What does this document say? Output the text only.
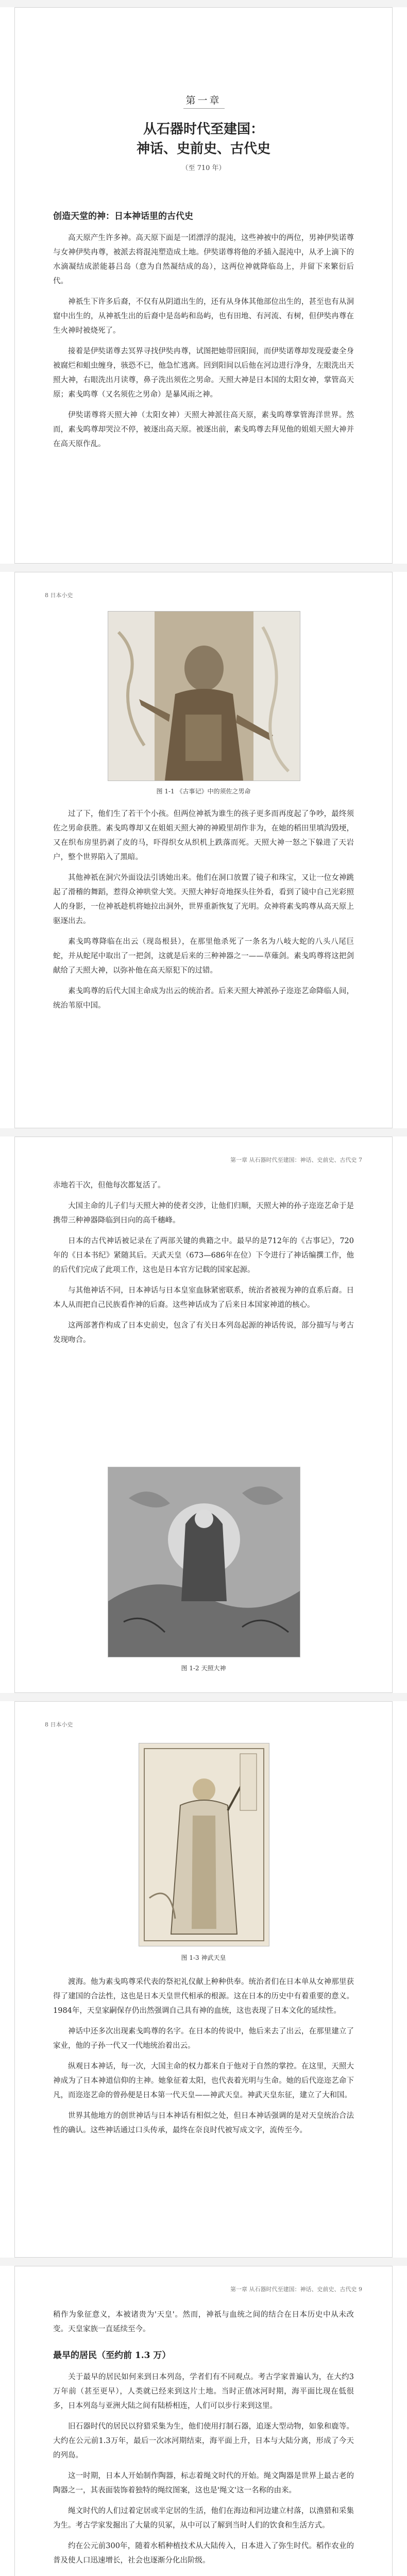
第一章
从石器时代至建国：
神话、史前史、古代史
（至 710 年）
创造天堂的神：日本神话里的古代史

高天原产生许多神。高天原下面是一团漂浮的混沌，这些神被中的两位，男神伊奘诺尊与女神伊奘冉尊，被派去将混沌塑造成土地。伊奘诺尊将他的矛插入混沌中，从矛上滴下的水滴凝结成淤能碁吕岛（意为自然凝结成的岛），这两位神就降临岛上，并留下来繁衍后代。

神祇生下许多后裔，不仅有从阴道出生的，还有从身体其他部位出生的，甚至也有从洞窟中出生的，从神祇生出的后裔中是岛屿和岛屿，也有田地、有河流、有树，但伊奘冉尊在生火神时被烧死了。

接着是伊奘诺尊去冥界寻找伊奘冉尊，试图把她带回阳间，而伊奘诺尊却发现爱妻全身被腐烂和蛆虫缠身，骇恐不已，他急忙逃离。回到阳间以后他在河边进行净身，左眼洗出天照大神，右眼洗出月读尊，鼻子洗出须佐之男命。天照大神是日本国的太阳女神，掌管高天原；素戋呜尊（又名须佐之男命）是暴风雨之神。

伊奘诺尊将天照大神（太阳女神）天照大神派往高天原，素戋呜尊掌管海洋世界。然而，素戋呜尊却哭泣不停，被逐出高天原。被逐出前，素戋呜尊去拜见他的姐姐天照大神并在高天原作乱。

8 日本小史
图 1-1 《古事记》中的须佐之男命

过了下，他们生了若干个小孩。但两位神祇为谁生的孩子更多而再度起了争吵，最终须佐之男命获胜。素戋呜尊却又在姐姐天照大神的神殿里胡作非为，在她的稻田里填沟毁埂，又在织布房里扔剥了皮的马，吓得织女从织机上跌落而死。天照大神一怒之下躲进了天岩户，整个世界陷入了黑暗。

其他神祇在洞穴外面设法引诱她出来。他们在洞口放置了镜子和珠宝，又让一位女神跳起了滑稽的舞蹈，惹得众神哄堂大笑。天照大神好奇地探头往外看，看到了镜中自己光彩照人的身影，一位神祇趁机将她拉出洞外，世界重新恢复了光明。众神将素戋呜尊从高天原上驱逐出去。

素戋呜尊降临在出云（现岛根县），在那里他杀死了一条名为八岐大蛇的八头八尾巨蛇，并从蛇尾中取出了一把剑，这就是后来的三种神器之一——草薙剑。素戋呜尊将这把剑献给了天照大神，以弥补他在高天原犯下的过错。

素戋呜尊的后代大国主命成为出云的统治者。后来天照大神派孙子迩迩艺命降临人间，统治苇原中国。

第一章 从石器时代至建国：神话、史前史、古代史 7

赤地若干次，但他每次都复活了。

大国主命的儿子们与天照大神的使者交涉，让他们归顺，天照大神的孙子迩迩艺命于是携带三种神器降临到日向的高千穗峰。

日本的古代神话被记录在了两部关键的典籍之中。最早的是712年的《古事记》，720年的《日本书纪》紧随其后。天武天皇（673—686年在位）下令进行了神话编撰工作，他的后代们完成了此项工作，这也是日本官方记载的国家起源。

与其他神话不同，日本神话与日本皇室血脉紧密联系，统治者被视为神的直系后裔。日本人从而把自己民族看作神的后裔。这些神话成为了后来日本国家神道的核心。

这两部著作构成了日本史前史，包含了有关日本列岛起源的神话传说，部分描写与考古发现吻合。

图 1-2 天照大神
8 日本小史
图 1-3 神武天皇

渡海。他为素戋呜尊采代表的祭祀礼仪献上种种供奉。统治者们在日本单从女神那里获得了建国的合法性，这也是日本天皇世代相承的根源。这在日本的历史中有着重要的意义。1984年，天皇家嗣保存仍出然强调自己具有神的血统，这也表现了日本文化的延续性。

神话中还多次出现素戋呜尊的名字。在日本的传说中，他后来去了出云，在那里建立了家业，他的子孙一代又一代地统治着出云。

纵观日本神话，每一次，大国主命的权力都来自于他对于自然的掌控。在这里，天照大神成为了日本神道信仰的主神。她象征着太阳，也代表着光明与生命。她的后代迩迩艺命下凡，而迩迩艺命的曾孙便是日本第一代天皇——神武天皇。神武天皇东征，建立了大和国。

世界其他地方的创世神话与日本神话有相似之处，但日本神话强调的是对天皇统治合法性的确认。这些神话通过口头传承，最终在奈良时代被写成文字，流传至今。

第一章 从石器时代至建国：神话、史前史、古代史 9

稍作为象征意义，本被诸贵为'天皇'。然而，神祇与血统之间的结合在日本历史中从未改变。天皇家族一直延续至今。

最早的居民（至约前 1.3 万）

关于最早的居民如何来到日本列岛，学者们有不同观点。考古学家普遍认为，在大约3万年前（甚至更早），人类就已经来到这片土地。当时正值冰河时期，海平面比现在低很多，日本列岛与亚洲大陆之间有陆桥相连，人们可以步行来到这里。

旧石器时代的居民以狩猎采集为生，他们使用打制石器，追逐大型动物，如象和鹿等。大约在公元前1.3万年，最后一次冰河期结束，海平面上升，日本与大陆分离，形成了今天的列岛。

这一时期，日本人开始制作陶器，标志着绳文时代的开始。绳文陶器是世界上最古老的陶器之一，其表面装饰着独特的绳纹图案，这也是'绳文'这一名称的由来。

绳文时代的人们过着定居或半定居的生活，他们在海边和河边建立村落，以渔猎和采集为生。考古学家发掘出了大量的贝冢，从中可以了解到当时人们的饮食和生活方式。

约在公元前300年，随着水稻种植技术从大陆传入，日本进入了弥生时代。稻作农业的普及使人口迅速增长，社会也逐渐分化出阶级。
